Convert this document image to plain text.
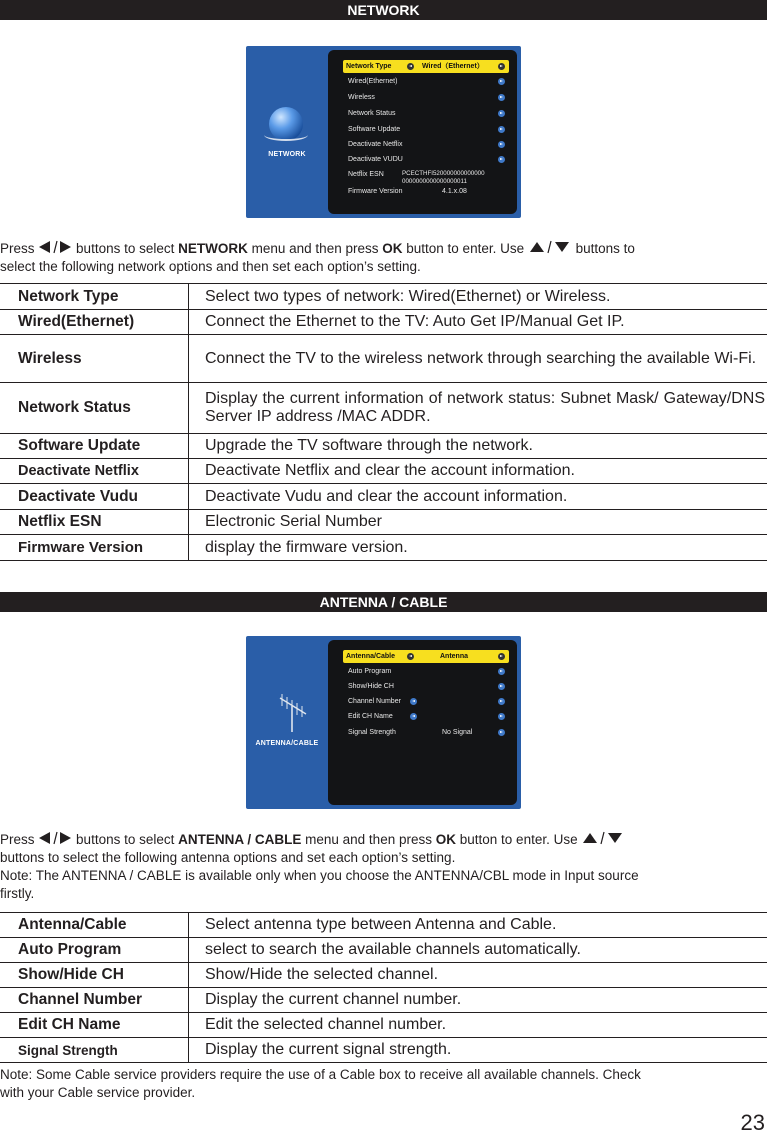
NETWORK
NETWORK
Network Type	Wired（Ethernet）
Wired(Ethernet)
Wireless
Network Status
Software Update
Deactivate Netflix
Deactivate VUDU
Netflix ESN	PCECTHFI520000000000000
0000000000000000011
Firmware Version	4.1.x.08
Press	buttons to select NETWORK menu and then press OK button to enter. Use	buttons to
select the following network options and then set each option’s setting.
Network Type	Select two types of network: Wired(Ethernet) or Wireless.
Wired(Ethernet)	Connect the Ethernet to the TV: Auto Get IP/Manual Get IP.
Wireless	Connect the TV to the wireless network through searching the available Wi-Fi.
Network Status	Display the current information of network status: Subnet Mask/ Gateway/DNS Server IP address /MAC ADDR.
Software Update	Upgrade the TV software through the network.
Deactivate Netflix	Deactivate Netflix and clear the account information.
Deactivate Vudu	Deactivate Vudu and clear the account information.
Netflix ESN	Electronic Serial Number
Firmware Version	display the firmware version.
ANTENNA / CABLE
ANTENNA/CABLE
Antenna/Cable	Antenna
Auto Program
Show/Hide CH
Channel Number
Edit CH Name
Signal Strength	No Signal
Press	buttons to select ANTENNA / CABLE menu and then press OK button to enter. Use
buttons to select the following antenna options and set each option’s setting.
Note: The ANTENNA / CABLE is available only when you choose the ANTENNA/CBL mode in Input source
firstly.
Antenna/Cable	Select antenna type between Antenna and Cable.
Auto Program	select to search the available channels automatically.
Show/Hide CH	Show/Hide the selected channel.
Channel Number	Display the current channel number.
Edit CH Name	Edit the selected channel number.
Signal Strength	Display the current signal strength.
Note: Some Cable service providers require the use of a Cable box to receive all available channels. Check
with your Cable service provider.
23
